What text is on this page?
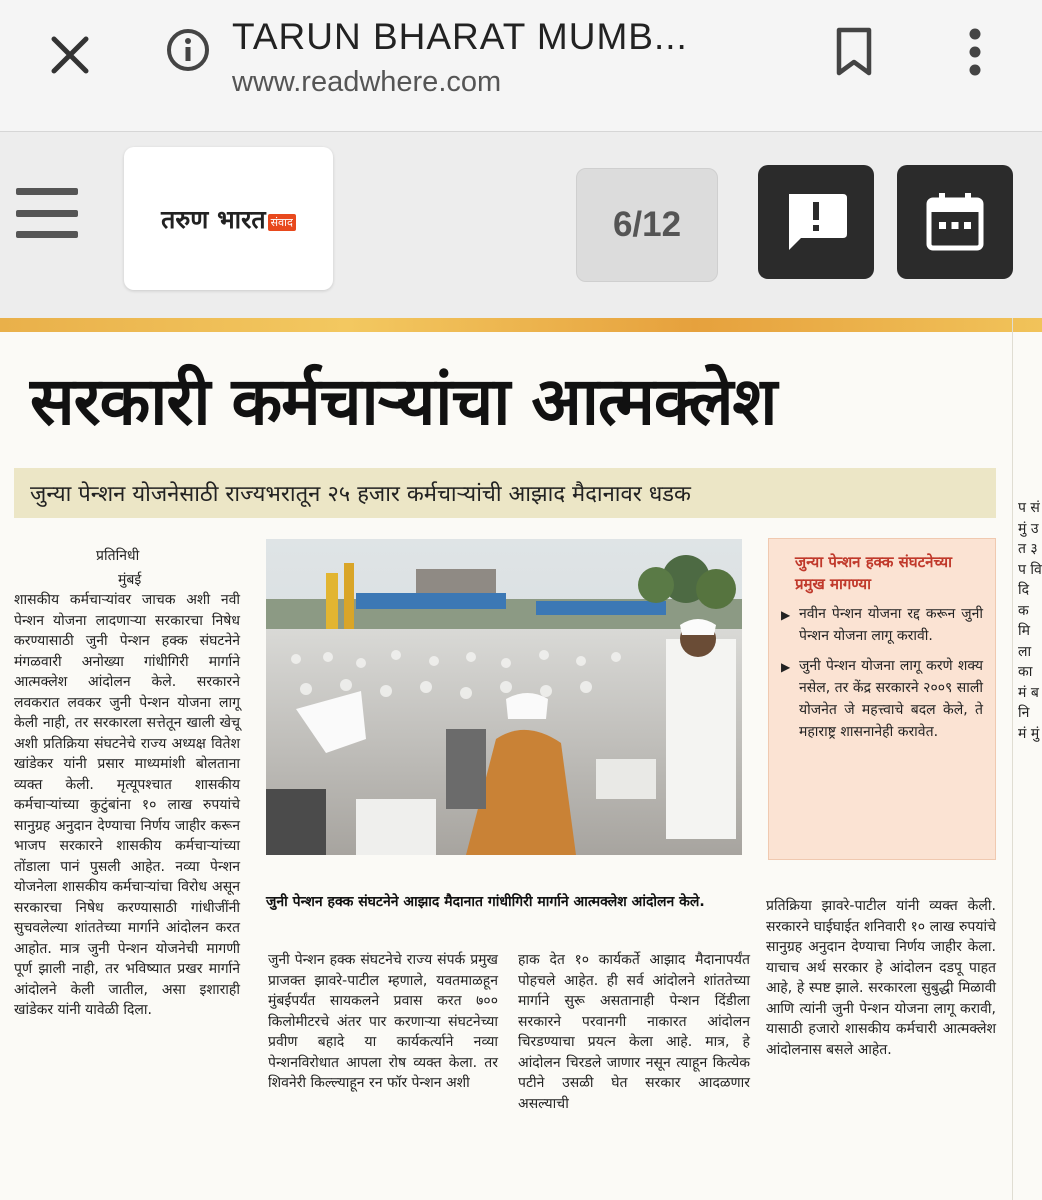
TARUN BHARAT MUMB...
www.readwhere.com
तरुण भारत संवाद	6/12
सरकारी कर्मचाऱ्यांचा आत्मक्लेश
जुन्या पेन्शन योजनेसाठी राज्यभरातून २५ हजार कर्मचाऱ्यांची आझाद मैदानावर धडक
प्रतिनिधी
मुंबई
शासकीय कर्मचाऱ्यांवर जाचक अशी नवी पेन्शन योजना लादणाऱ्या सरकारचा निषेध करण्यासाठी जुनी पेन्शन हक्क संघटनेने मंगळवारी अनोख्या गांधीगिरी मार्गाने आत्मक्लेश आंदोलन केले. सरकारने लवकरात लवकर जुनी पेन्शन योजना लागू केली नाही, तर सरकारला सत्तेतून खाली खेचू अशी प्रतिक्रिया संघटनेचे राज्य अध्यक्ष वितेश खांडेकर यांनी प्रसार माध्यमांशी बोलताना व्यक्त केली. मृत्यूपश्चात शासकीय कर्मचाऱ्यांच्या कुटुंबांना १० लाख रुपयांचे सानुग्रह अनुदान देण्याचा निर्णय जाहीर करून भाजप सरकारने शासकीय कर्मचाऱ्यांच्या तोंडाला पानं पुसली आहेत. नव्या पेन्शन योजनेला शासकीय कर्मचाऱ्यांचा विरोध असून सरकारचा निषेध करण्यासाठी गांधीजींनी सुचवलेल्या शांततेच्या मार्गाने आंदोलन करत आहोत. मात्र जुनी पेन्शन योजनेची मागणी पूर्ण झाली नाही, तर भविष्यात प्रखर मार्गाने आंदोलने केली जातील, असा इशाराही खांडेकर यांनी यावेळी दिला.
जुनी पेन्शन हक्क संघटनेने आझाद मैदानात गांधीगिरी मार्गाने आत्मक्लेश आंदोलन केले.
जुनी पेन्शन हक्क संघटनेचे राज्य संपर्क प्रमुख प्राजक्त झावरे-पाटील म्हणाले, यवतमाळहून मुंबईपर्यंत सायकलने प्रवास करत ७०० किलोमीटरचे अंतर पार करणाऱ्या संघटनेच्या प्रवीण बहादे या कार्यकर्त्याने नव्या पेन्शनविरोधात आपला रोष व्यक्त केला. तर शिवनेरी किल्ल्याहून रन फॉर पेन्शन अशी
हाक देत १० कार्यकर्ते आझाद मैदानापर्यंत पोहचले आहेत. ही सर्व आंदोलने शांततेच्या मार्गाने सुरू असतानाही पेन्शन दिंडीला सरकारने परवानगी नाकारत आंदोलन चिरडण्याचा प्रयत्न केला आहे. मात्र, हे आंदोलन चिरडले जाणार नसून त्याहून कित्येक पटीने उसळी घेत सरकार आदळणार असल्याची
जुन्या पेन्शन हक्क संघटनेच्या प्रमुख मागण्या
▶ नवीन पेन्शन योजना रद्द करून जुनी पेन्शन योजना लागू करावी.
▶ जुनी पेन्शन योजना लागू करणे शक्य नसेल, तर केंद्र सरकारने २००९ साली योजनेत जे महत्त्वाचे बदल केले, ते महाराष्ट्र शासनानेही करावेत.
प्रतिक्रिया झावरे-पाटील यांनी व्यक्त केली. सरकारने घाईघाईत शनिवारी १० लाख रुपयांचे सानुग्रह अनुदान देण्याचा निर्णय जाहीर केला. याचाच अर्थ सरकार हे आंदोलन दडपू पाहत आहे, हे स्पष्ट झाले. सरकारला सुबुद्धी मिळावी आणि त्यांनी जुनी पेन्शन योजना लागू करावी, यासाठी हजारो शासकीय कर्मचारी आत्मक्लेश आंदोलनास बसले आहेत.
प सं मुं उ त ३ प वि दि क मि ला का मं ब नि मं मुं
